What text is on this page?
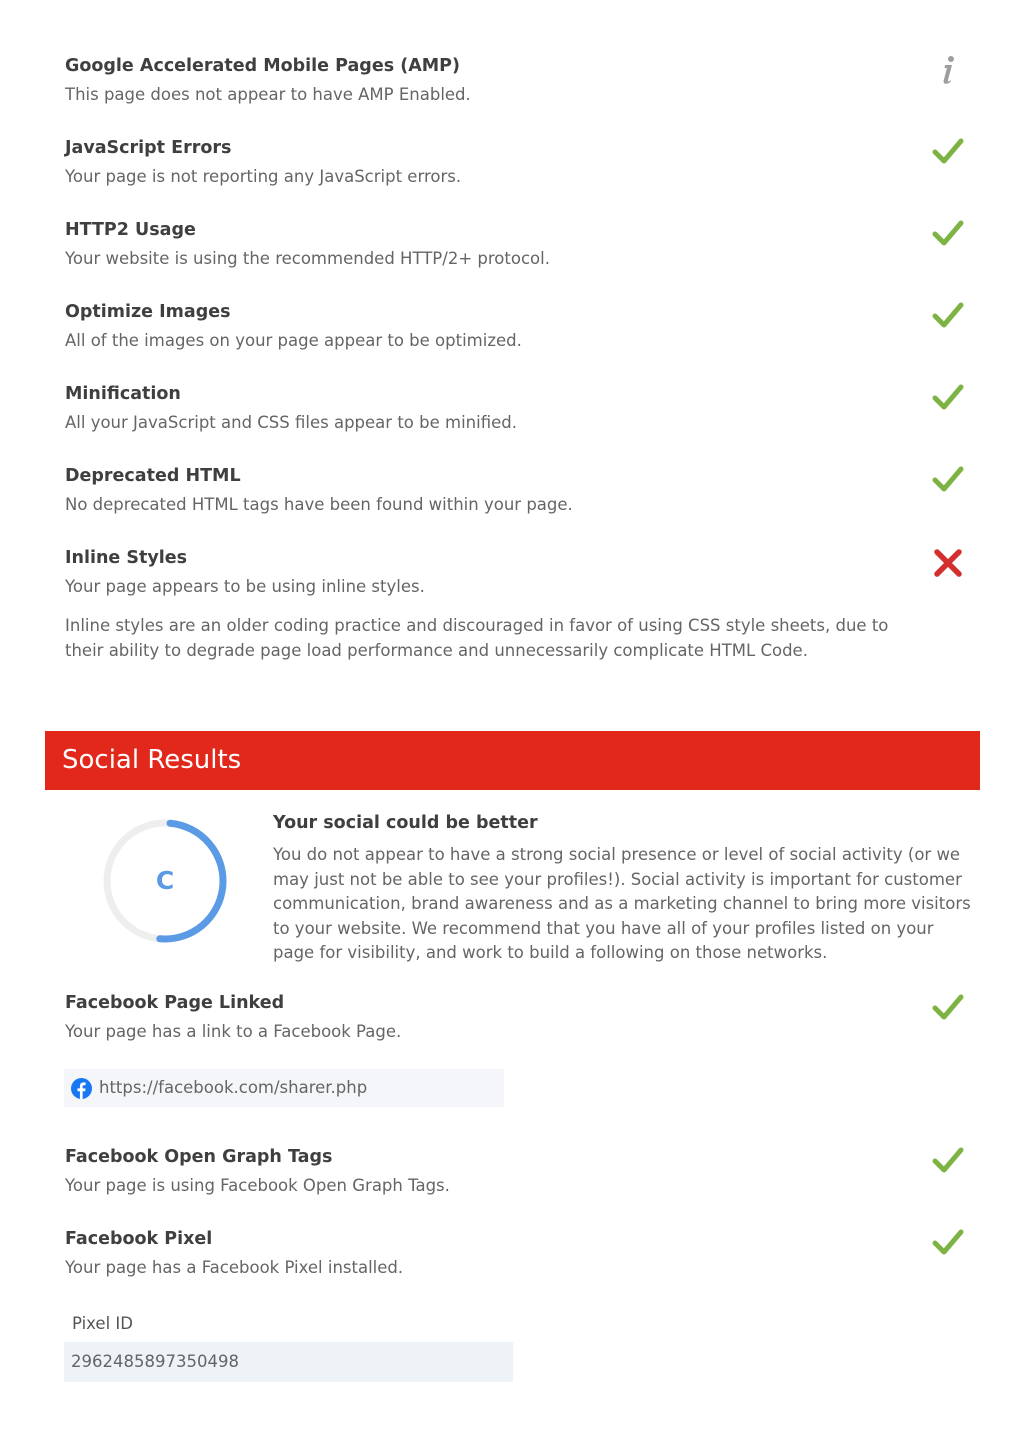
Google Accelerated Mobile Pages (AMP)
This page does not appear to have AMP Enabled.
JavaScript Errors
Your page is not reporting any JavaScript errors.
HTTP2 Usage
Your website is using the recommended HTTP/2+ protocol.
Optimize Images
All of the images on your page appear to be optimized.
Minification
All your JavaScript and CSS files appear to be minified.
Deprecated HTML
No deprecated HTML tags have been found within your page.
Inline Styles
Your page appears to be using inline styles.
Inline styles are an older coding practice and discouraged in favor of using CSS style sheets, due to their ability to degrade page load performance and unnecessarily complicate HTML Code.
Social Results
C
Your social could be better
You do not appear to have a strong social presence or level of social activity (or we may just not be able to see your profiles!). Social activity is important for customer communication, brand awareness and as a marketing channel to bring more visitors to your website. We recommend that you have all of your profiles listed on your page for visibility, and work to build a following on those networks.
Facebook Page Linked
Your page has a link to a Facebook Page.
https://facebook.com/sharer.php
Facebook Open Graph Tags
Your page is using Facebook Open Graph Tags.
Facebook Pixel
Your page has a Facebook Pixel installed.
Pixel ID
2962485897350498
